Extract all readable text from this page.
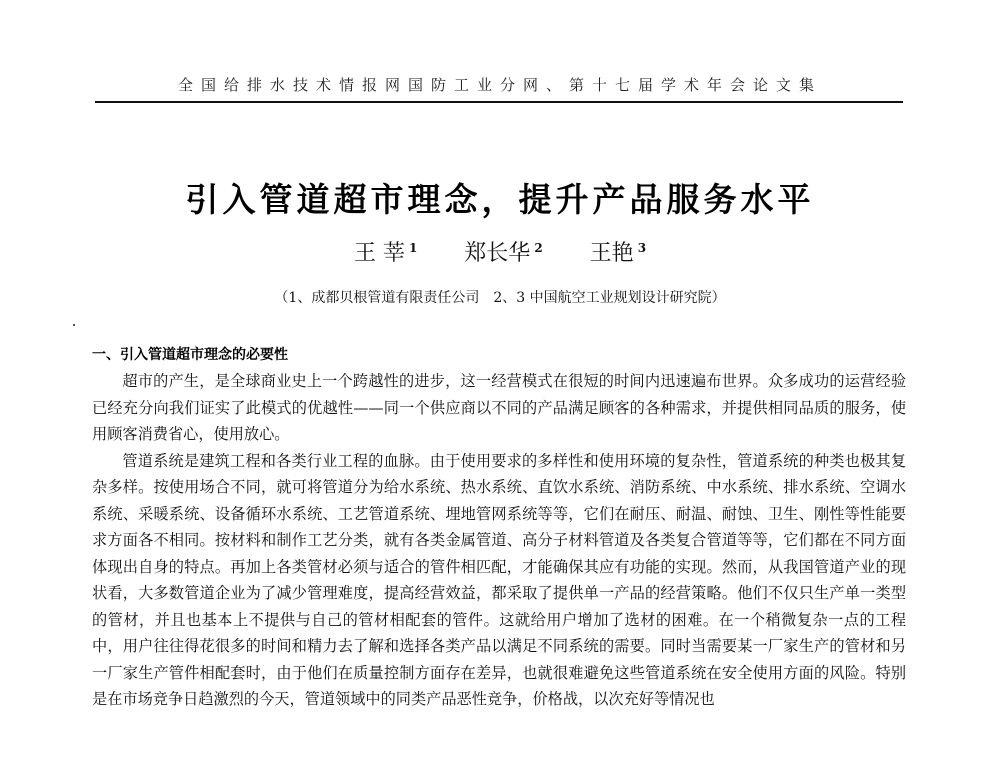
全国给排水技术情报网国防工业分网、第十七届学术年会论文集
引入管道超市理念，提升产品服务水平
王 莘 $^1$ 郑长华 $^2$ 王艳 $^3$
（1、成都贝根管道有限责任公司　2、3 中国航空工业规划设计研究院）
一、引入管道超市理念的必要性

超市的产生，是全球商业史上一个跨越性的进步，这一经营模式在很短的时间内迅速遍布世界。众多成功的运营经验已经充分向我们证实了此模式的优越性——同一个供应商以不同的产品满足顾客的各种需求，并提供相同品质的服务，使用顾客消费省心，使用放心。

管道系统是建筑工程和各类行业工程的血脉。由于使用要求的多样性和使用环境的复杂性，管道系统的种类也极其复杂多样。按使用场合不同，就可将管道分为给水系统、热水系统、直饮水系统、消防系统、中水系统、排水系统、空调水系统、采暖系统、设备循环水系统、工艺管道系统、埋地管网系统等等，它们在耐压、耐温、耐蚀、卫生、刚性等性能要求方面各不相同。按材料和制作工艺分类，就有各类金属管道、高分子材料管道及各类复合管道等等，它们都在不同方面体现出自身的特点。再加上各类管材必须与适合的管件相匹配，才能确保其应有功能的实现。然而，从我国管道产业的现状看，大多数管道企业为了减少管理难度，提高经营效益，都采取了提供单一产品的经营策略。他们不仅只生产单一类型的管材，并且也基本上不提供与自己的管材相配套的管件。这就给用户增加了选材的困难。在一个稍微复杂一点的工程中，用户往往得花很多的时间和精力去了解和选择各类产品以满足不同系统的需要。同时当需要某一厂家生产的管材和另一厂家生产管件相配套时，由于他们在质量控制方面存在差异，也就很难避免这些管道系统在安全使用方面的风险。特别是在市场竞争日趋激烈的今天，管道领域中的同类产品恶性竞争，价格战，以次充好等情况也
